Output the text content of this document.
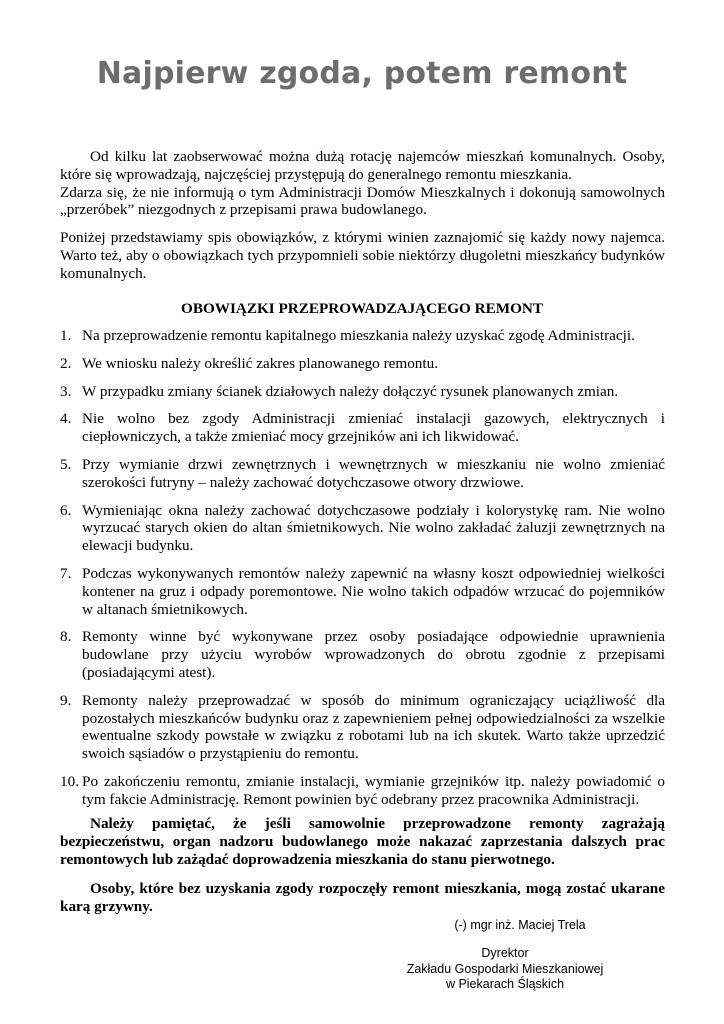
Najpierw zgoda, potem remont

Od kilku lat zaobserwować można dużą rotację najemców mieszkań komunalnych. Osoby, które się wprowadzają, najczęściej przystępują do generalnego remontu mieszkania.

Zdarza się, że nie informują o tym Administracji Domów Mieszkalnych i dokonują samowolnych „przeróbek” niezgodnych z przepisami prawa budowlanego.

Poniżej przedstawiamy spis obowiązków, z którymi winien zaznajomić się każdy nowy najemca. Warto też, aby o obowiązkach tych przypomnieli sobie niektórzy długoletni mieszkańcy budynków komunalnych.

OBOWIĄZKI PRZEPROWADZAJĄCEGO REMONT
1. Na przeprowadzenie remontu kapitalnego mieszkania należy uzyskać zgodę Administracji.
2. We wniosku należy określić zakres planowanego remontu.
3. W przypadku zmiany ścianek działowych należy dołączyć rysunek planowanych zmian.
4. Nie wolno bez zgody Administracji zmieniać instalacji gazowych, elektrycznych i ciepłowniczych, a także zmieniać mocy grzejników ani ich likwidować.
5. Przy wymianie drzwi zewnętrznych i wewnętrznych w mieszkaniu nie wolno zmieniać szerokości futryny – należy zachować dotychczasowe otwory drzwiowe.
6. Wymieniając okna należy zachować dotychczasowe podziały i kolorystykę ram. Nie wolno wyrzucać starych okien do altan śmietnikowych. Nie wolno zakładać żaluzji zewnętrznych na elewacji budynku.
7. Podczas wykonywanych remontów należy zapewnić na własny koszt odpowiedniej wielkości kontener na gruz i odpady poremontowe. Nie wolno takich odpadów wrzucać do pojemników w altanach śmietnikowych.
8. Remonty winne być wykonywane przez osoby posiadające odpowiednie uprawnienia budowlane przy użyciu wyrobów wprowadzonych do obrotu zgodnie z przepisami (posiadającymi atest).
9. Remonty należy przeprowadzać w sposób do minimum ograniczający uciążliwość dla pozostałych mieszkańców budynku oraz z zapewnieniem pełnej odpowiedzialności za wszelkie ewentualne szkody powstałe w związku z robotami lub na ich skutek. Warto także uprzedzić swoich sąsiadów o przystąpieniu do remontu.
10. Po zakończeniu remontu, zmianie instalacji, wymianie grzejników itp. należy powiadomić o tym fakcie Administrację. Remont powinien być odebrany przez pracownika Administracji.

Należy pamiętać, że jeśli samowolnie przeprowadzone remonty zagrażają bezpieczeństwu, organ nadzoru budowlanego może nakazać zaprzestania dalszych prac remontowych lub zażądać doprowadzenia mieszkania do stanu pierwotnego.

Osoby, które bez uzyskania zgody rozpoczęły remont mieszkania, mogą zostać ukarane karą grzywny.

(-) mgr inż. Maciej Trela
Dyrektor
Zakładu Gospodarki Mieszkaniowej
w Piekarach Śląskich
